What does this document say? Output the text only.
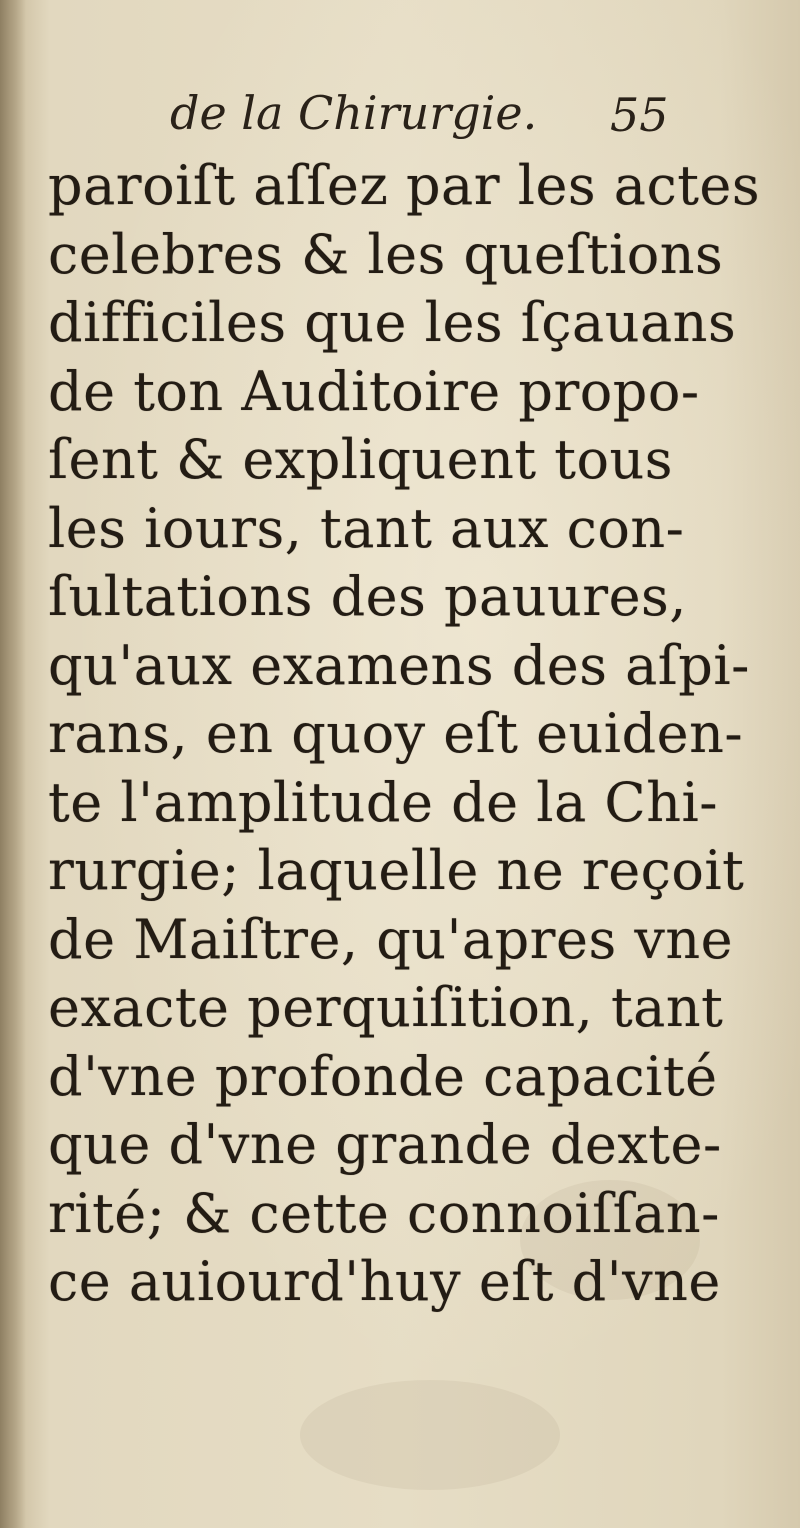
de la Chirurgie. 55
paroiſt aſſez par les actes
celebres & les queſtions
difficiles que les ſçauans
de ton Auditoire propo-
ſent & expliquent tous
les iours, tant aux con-
ſultations des pauures,
qu'aux examens des aſpi-
rans, en quoy eſt euiden-
te l'amplitude de la Chi-
rurgie; laquelle ne reçoit
de Maiſtre, qu'apres vne
exacte perquiſition, tant
d'vne profonde capacité
que d'vne grande dexte-
rité; & cette connoiſſan-
ce auiourd'huy eſt d'vne
